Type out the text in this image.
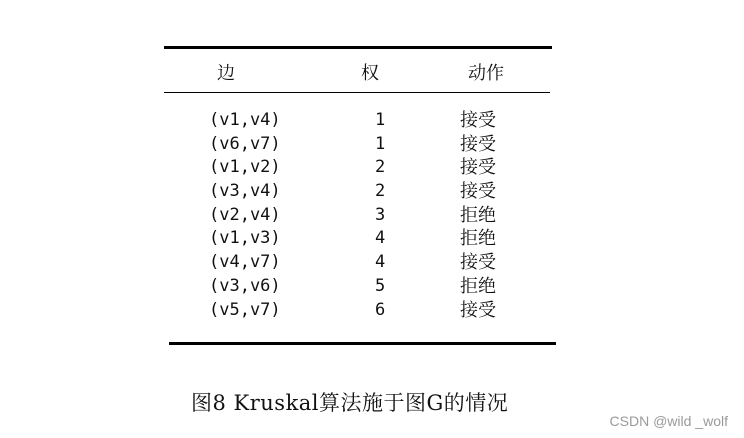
边	权	动作
(v1,v4)	1	接受
(v6,v7)	1	接受
(v1,v2)	2	接受
(v3,v4)	2	接受
(v2,v4)	3	拒绝
(v1,v3)	4	拒绝
(v4,v7)	4	接受
(v3,v6)	5	拒绝
(v5,v7)	6	接受
图8 Kruskal算法施于图G的情况
CSDN @wild _wolf
